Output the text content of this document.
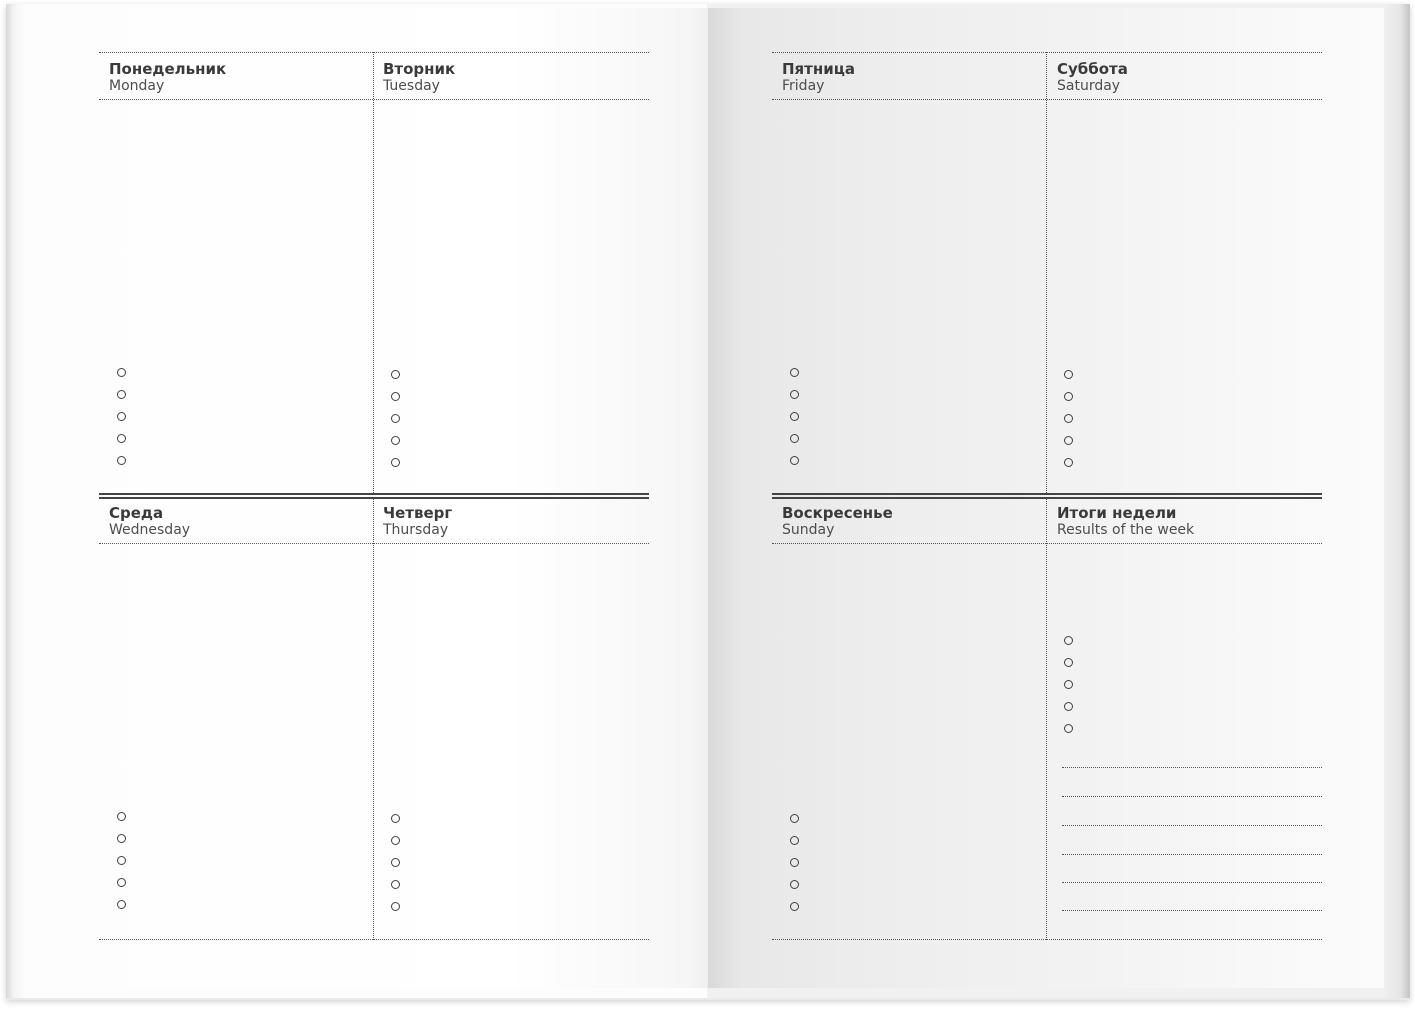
Понедельник
Monday
Вторник
Tuesday
Среда
Wednesday
Четверг
Thursday
Пятница
Friday
Суббота
Saturday
Воскресенье
Sunday
Итоги недели
Results of the week
